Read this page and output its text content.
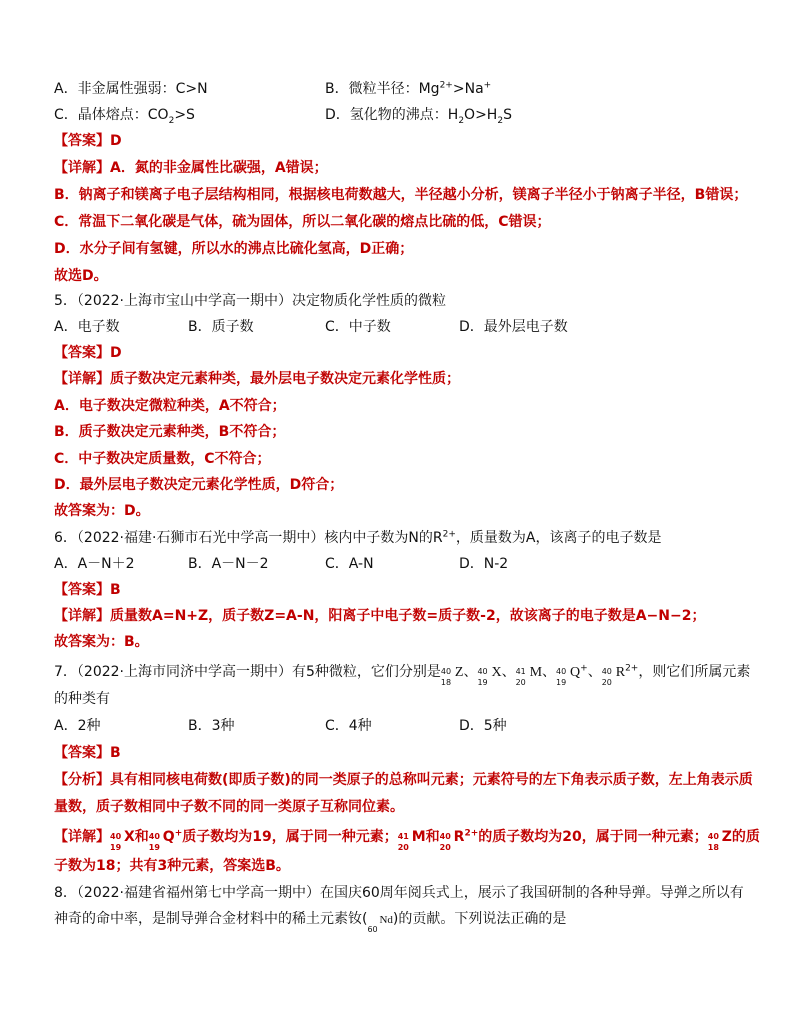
A．非金属性强弱：C>N	B．微粒半径：$Mg^{2+}>Na^+$
C．晶体熔点：$CO_2>S$	D．氢化物的沸点：$H_2O>H_2S$
【答案】D
【详解】A．氮的非金属性比碳强，A错误；
B．钠离子和镁离子电子层结构相同，根据核电荷数越大，半径越小分析，镁离子半径小于钠离子半径，B错误；
C．常温下二氧化碳是气体，硫为固体，所以二氧化碳的熔点比硫的低，C错误；
D．水分子间有氢键，所以水的沸点比硫化氢高，D正确；
故选D。
5．（2022·上海市宝山中学高一期中）决定物质化学性质的微粒
A．电子数	B．质子数	C．中子数	D．最外层电子数
【答案】D
【详解】质子数决定元素种类，最外层电子数决定元素化学性质；
A．电子数决定微粒种类，A不符合；
B．质子数决定元素种类，B不符合；
C．中子数决定质量数，C不符合；
D．最外层电子数决定元素化学性质，D符合；
故答案为：D。
6．（2022·福建·石狮市石光中学高一期中）核内中子数为N的$R^{2+}$，质量数为A，该离子的电子数是
A．A－N＋2	B．A－N－2	C．A-N	D．N-2
【答案】B
【详解】质量数A=N+Z，质子数Z=A-N，阳离子中电子数=质子数-2，故该离子的电子数是A−N−2；
故答案为：B。
7．（2022·上海市同济中学高一期中）有5种微粒，它们分别是 40
18
Z、 40
19
X、 41
20
M、 40
19
Q+、 40
20
$R^{2+}$，则它们所属元素
的种类有
A．2种	B．3种	C．4种	D．5种
【答案】B
【分析】具有相同核电荷数(即质子数)的同一类原子的总称叫元素；元素符号的左下角表示质子数，左上角表示质
量数，质子数相同中子数不同的同一类原子互称同位素。
【详解】 40
19
X和 40
19
Q+质子数均为19，属于同一种元素； 41
20
M和 40
20
$R^{2+}$的质子数均为20，属于同一种元素； 40
18
Z的质
子数为18；共有3种元素，答案选B。
8．（2022·福建省福州第七中学高一期中）在国庆60周年阅兵式上，展示了我国研制的各种导弹。导弹之所以有
神奇的命中率，是制导弹合金材料中的稀土元素钕(
60
Nd)的贡献。下列说法正确的是
